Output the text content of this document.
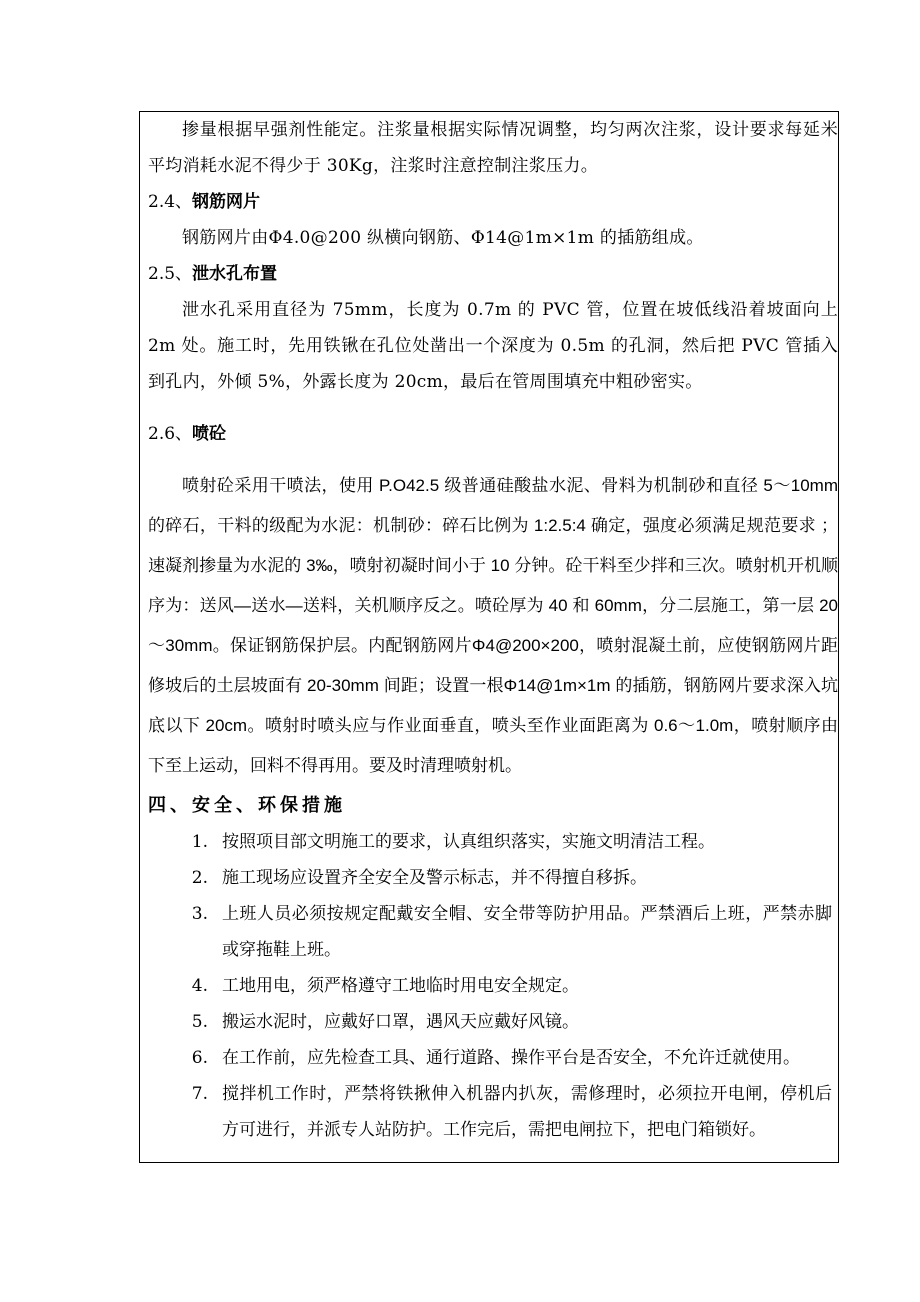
掺量根据早强剂性能定。注浆量根据实际情况调整，均匀两次注浆，设计要求每延米平均消耗水泥不得少于 30Kg，注浆时注意控制注浆压力。

2.4、钢筋网片

钢筋网片由Φ4.0@200 纵横向钢筋、Φ14@1m×1m 的插筋组成。

2.5、泄水孔布置

泄水孔采用直径为 75mm，长度为 0.7m 的 PVC 管，位置在坡低线沿着坡面向上 2m 处。施工时，先用铁锹在孔位处凿出一个深度为 0.5m 的孔洞，然后把 PVC 管插入到孔内，外倾 5%，外露长度为 20cm，最后在管周围填充中粗砂密实。

2.6、喷砼

喷射砼采用干喷法，使用 P.O42.5 级普通硅酸盐水泥、骨料为机制砂和直径 5～10mm 的碎石，干料的级配为水泥：机制砂：碎石比例为 1:2.5:4 确定，强度必须满足规范要求 ；速凝剂掺量为水泥的 3‰，喷射初凝时间小于 10 分钟。砼干料至少拌和三次。喷射机开机顺序为：送风—送水—送料，关机顺序反之。喷砼厚为 40 和 60mm，分二层施工，第一层 20～30mm。保证钢筋保护层。内配钢筋网片Φ4@200×200，喷射混凝土前，应使钢筋网片距修坡后的土层坡面有 20-30mm 间距；设置一根Φ14@1m×1m 的插筋，钢筋网片要求深入坑底以下 20cm。喷射时喷头应与作业面垂直，喷头至作业面距离为 0.6～1.0m，喷射顺序由下至上运动，回料不得再用。要及时清理喷射机。

四、安全、环保措施

1. 按照项目部文明施工的要求，认真组织落实，实施文明清洁工程。
2. 施工现场应设置齐全安全及警示标志，并不得擅自移拆。
3. 上班人员必须按规定配戴安全帽、安全带等防护用品。严禁酒后上班，严禁赤脚或穿拖鞋上班。
4. 工地用电，须严格遵守工地临时用电安全规定。
5. 搬运水泥时，应戴好口罩，遇风天应戴好风镜。
6. 在工作前，应先检查工具、通行道路、操作平台是否安全，不允许迁就使用。
7. 搅拌机工作时，严禁将铁揪伸入机器内扒灰，需修理时，必须拉开电闸，停机后方可进行，并派专人站防护。工作完后，需把电闸拉下，把电门箱锁好。
